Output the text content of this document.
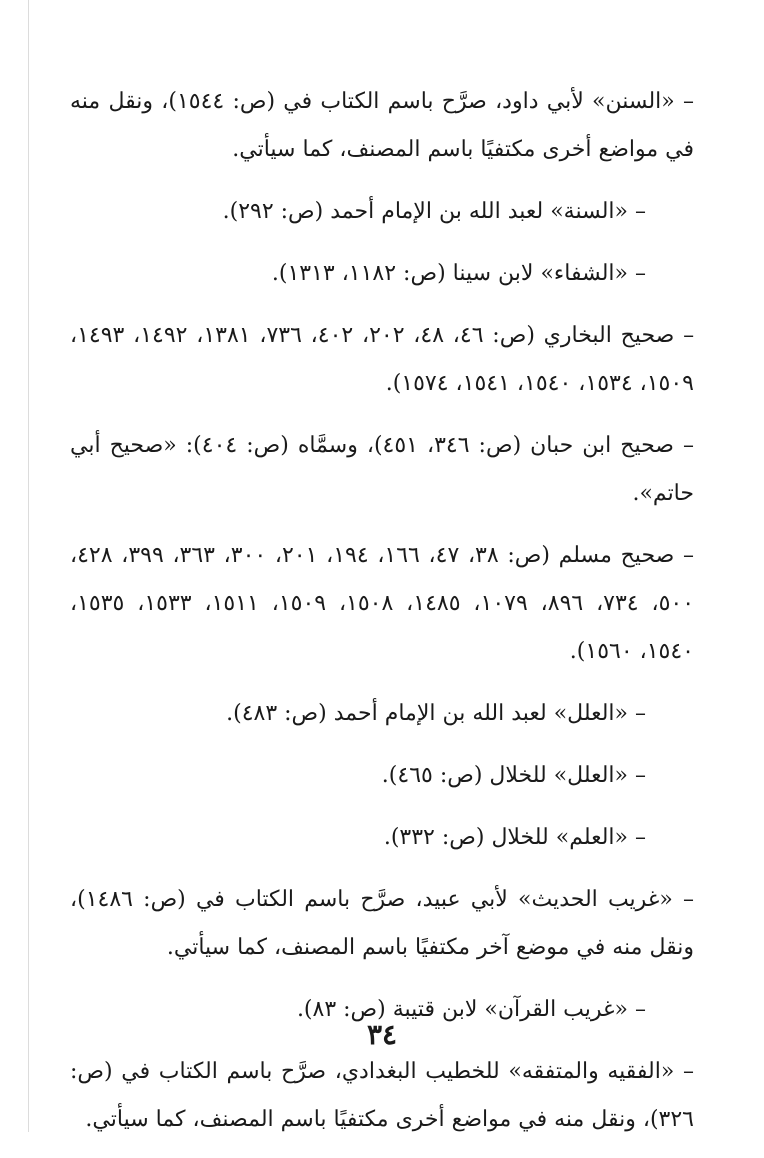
– «السنن» لأبي داود، صرَّح باسم الكتاب في (ص: ١٥٤٤)، ونقل منه في مواضع أخرى مكتفيًا باسم المصنف، كما سيأتي.

– «السنة» لعبد الله بن الإمام أحمد (ص: ٢٩٢).

– «الشفاء» لابن سينا (ص: ١١٨٢، ١٣١٣).

– صحيح البخاري (ص: ٤٦، ٤٨، ٢٠٢، ٤٠٢، ٧٣٦، ١٣٨١، ١٤٩٢، ١٤٩٣، ١٥٠٩، ١٥٣٤، ١٥٤٠، ١٥٤١، ١٥٧٤).

– صحيح ابن حبان (ص: ٣٤٦، ٤٥١)، وسمَّاه (ص: ٤٠٤): «صحيح أبي حاتم».

– صحيح مسلم (ص: ٣٨، ٤٧، ١٦٦، ١٩٤، ٢٠١، ٣٠٠، ٣٦٣، ٣٩٩، ٤٢٨، ٥٠٠، ٧٣٤، ٨٩٦، ١٠٧٩، ١٤٨٥، ١٥٠٨، ١٥٠٩، ١٥١١، ١٥٣٣، ١٥٣٥، ١٥٤٠، ١٥٦٠).

– «العلل» لعبد الله بن الإمام أحمد (ص: ٤٨٣).

– «العلل» للخلال (ص: ٤٦٥).

– «العلم» للخلال (ص: ٣٣٢).

– «غريب الحديث» لأبي عبيد، صرَّح باسم الكتاب في (ص: ١٤٨٦)، ونقل منه في موضع آخر مكتفيًا باسم المصنف، كما سيأتي.

– «غريب القرآن» لابن قتيبة (ص: ٨٣).

– «الفقيه والمتفقه» للخطيب البغدادي، صرَّح باسم الكتاب في (ص: ٣٢٦)، ونقل منه في مواضع أخرى مكتفيًا باسم المصنف، كما سيأتي.

٣٤
